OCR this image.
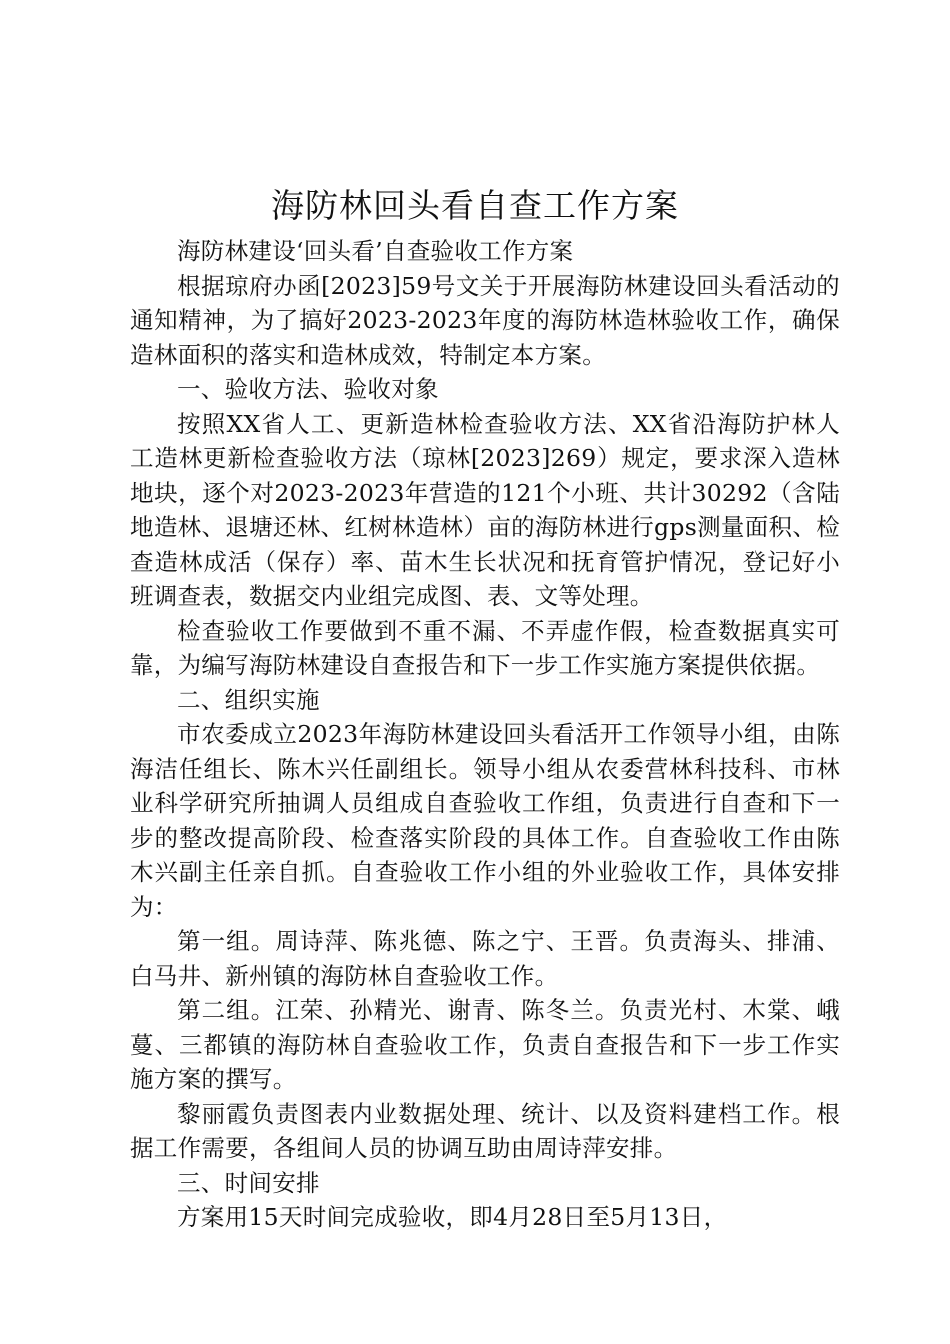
海防林回头看自查工作方案

海防林建设‘回头看’自查验收工作方案

根据琼府办函[2023]59号文关于开展海防林建设回头看活动的通知精神，为了搞好2023-2023年度的海防林造林验收工作，确保造林面积的落实和造林成效，特制定本方案。

一、验收方法、验收对象

按照XX省人工、更新造林检查验收方法、XX省沿海防护林人工造林更新检查验收方法（琼林[2023]269）规定，要求深入造林地块，逐个对2023-2023年营造的121个小班、共计30292（含陆地造林、退塘还林、红树林造林）亩的海防林进行gps测量面积、检查造林成活（保存）率、苗木生长状况和抚育管护情况，登记好小班调查表，数据交内业组完成图、表、文等处理。

检查验收工作要做到不重不漏、不弄虚作假，检查数据真实可靠，为编写海防林建设自查报告和下一步工作实施方案提供依据。

二、组织实施

市农委成立2023年海防林建设回头看活开工作领导小组，由陈海洁任组长、陈木兴任副组长。领导小组从农委营林科技科、市林业科学研究所抽调人员组成自查验收工作组，负责进行自查和下一步的整改提高阶段、检查落实阶段的具体工作。自查验收工作由陈木兴副主任亲自抓。自查验收工作小组的外业验收工作，具体安排为：

第一组。周诗萍、陈兆德、陈之宁、王晋。负责海头、排浦、白马井、新州镇的海防林自查验收工作。

第二组。江荣、孙精光、谢青、陈冬兰。负责光村、木棠、峨蔓、三都镇的海防林自查验收工作，负责自查报告和下一步工作实施方案的撰写。

黎丽霞负责图表内业数据处理、统计、以及资料建档工作。根据工作需要，各组间人员的协调互助由周诗萍安排。

三、时间安排

方案用15天时间完成验收，即4月28日至5月13日，
